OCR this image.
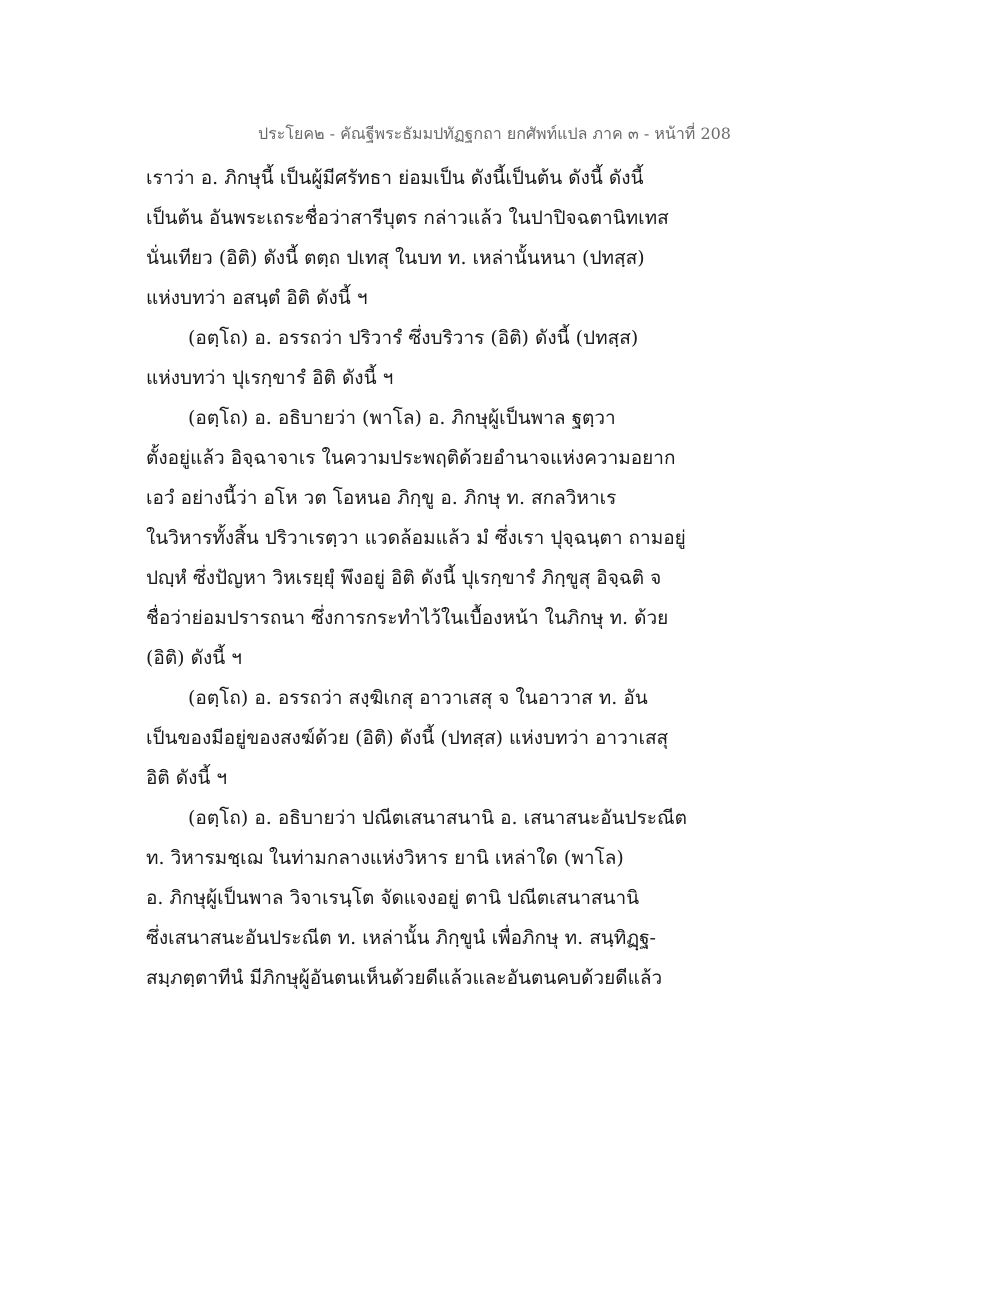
ประโยค๒ - คัณฐีพระธัมมปทัฏฐกถา ยกศัพท์แปล ภาค ๓ - หน้าที่ 208
เราว่า อ. ภิกษุนี้ เป็นผู้มีศรัทธา ย่อมเป็น ดังนี้เป็นต้น ดังนี้ ดังนี้
เป็นต้น อันพระเถระชื่อว่าสารีบุตร กล่าวแล้ว ในปาปิจฉตานิทเทส
นั่นเทียว (อิติ) ดังนี้ ตตฺถ ปเทสุ ในบท ท. เหล่านั้นหนา (ปทสฺส)
แห่งบทว่า อสนฺตํ อิติ ดังนี้ ฯ
(อตฺโถ) อ. อรรถว่า ปริวารํ ซึ่งบริวาร (อิติ) ดังนี้ (ปทสฺส)
แห่งบทว่า ปุเรกฺขารํ อิติ ดังนี้ ฯ
(อตฺโถ) อ. อธิบายว่า (พาโล) อ. ภิกษุผู้เป็นพาล ฐตฺวา
ตั้งอยู่แล้ว อิจฺฉาจาเร ในความประพฤติด้วยอำนาจแห่งความอยาก
เอวํ อย่างนี้ว่า อโห วต โอหนอ ภิกฺขู อ. ภิกษุ ท. สกลวิหาเร
ในวิหารทั้งสิ้น ปริวาเรตฺวา แวดล้อมแล้ว มํ ซึ่งเรา ปุจฺฉนฺตา ถามอยู่
ปญฺหํ ซึ่งปัญหา วิหเรยฺยุํ พึงอยู่ อิติ ดังนี้ ปุเรกฺขารํ ภิกฺขูสุ อิจฺฉติ จ
ชื่อว่าย่อมปรารถนา ซึ่งการกระทำไว้ในเบื้องหน้า ในภิกษุ ท. ด้วย
(อิติ) ดังนี้ ฯ
(อตฺโถ) อ. อรรถว่า สงฺฆิเกสุ อาวาเสสุ จ ในอาวาส ท. อัน
เป็นของมีอยู่ของสงฆ์ด้วย (อิติ) ดังนี้ (ปทสฺส) แห่งบทว่า อาวาเสสุ
อิติ ดังนี้ ฯ
(อตฺโถ) อ. อธิบายว่า ปณีตเสนาสนานิ อ. เสนาสนะอันประณีต
ท. วิหารมชฺเฌ ในท่ามกลางแห่งวิหาร ยานิ เหล่าใด (พาโล)
อ. ภิกษุผู้เป็นพาล วิจาเรนฺโต จัดแจงอยู่ ตานิ ปณีตเสนาสนานิ
ซึ่งเสนาสนะอันประณีต ท. เหล่านั้น ภิกฺขูนํ เพื่อภิกษุ ท. สนฺทิฏฺฐ-
สมฺภตฺตาทีนํ มีภิกษุผู้อันตนเห็นด้วยดีแล้วและอันตนคบด้วยดีแล้ว
